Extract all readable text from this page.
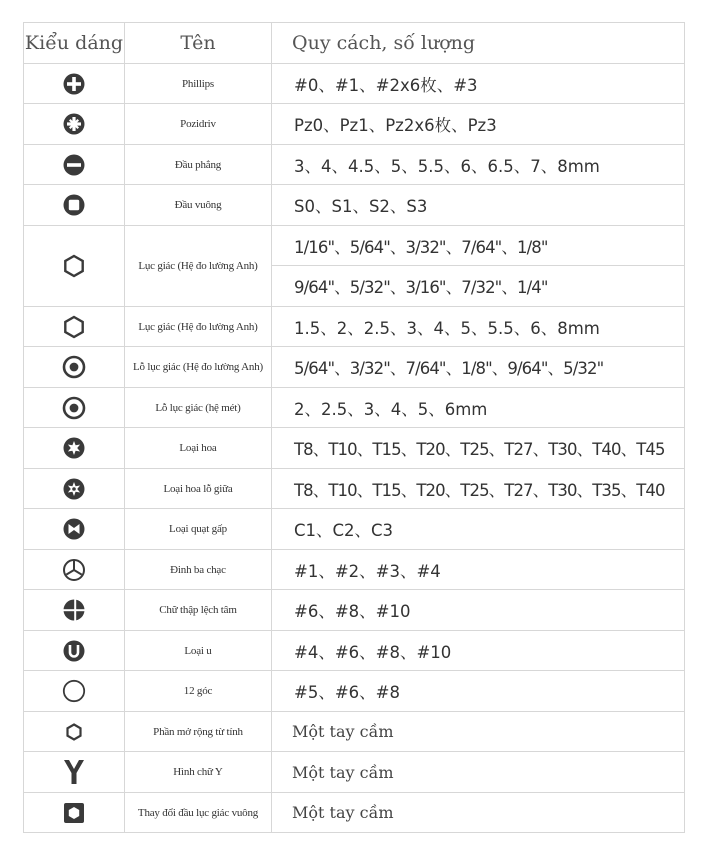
Kiểu dáng	Tên	Quy cách, số lượng

	Phillips	#0、#1、#2x6枚、#3

	Pozidriv	Pz0、Pz1、Pz2x6枚、Pz3

	Đầu phẳng	3、4、4.5、5、5.5、6、6.5、7、8mm

	Đầu vuông	S0、S1、S2、S3

	Lục giác (Hệ đo lường Anh)	1/16"、5/64"、3/32"、7/64"、1/8"
		9/64"、5/32"、3/16"、7/32"、1/4"

	Lục giác (Hệ đo lường Anh)	1.5、2、2.5、3、4、5、5.5、6、8mm

	Lỗ lục giác (Hệ đo lường Anh)	5/64"、3/32"、7/64"、1/8"、9/64"、5/32"

	Lỗ lục giác (hệ mét)	2、2.5、3、4、5、6mm

	Loại hoa	T8、T10、T15、T20、T25、T27、T30、T40、T45

	Loại hoa lỗ giữa	T8、T10、T15、T20、T25、T27、T30、T35、T40

	Loại quạt gấp	C1、C2、C3

	Đinh ba chạc	#1、#2、#3、#4

	Chữ thập lệch tâm	#6、#8、#10

	Loại u	#4、#6、#8、#10

	12 góc	#5、#6、#8

	Phần mở rộng từ tính	Một tay cầm

	Hình chữ Y	Một tay cầm

	Thay đổi đầu lục giác vuông	Một tay cầm
